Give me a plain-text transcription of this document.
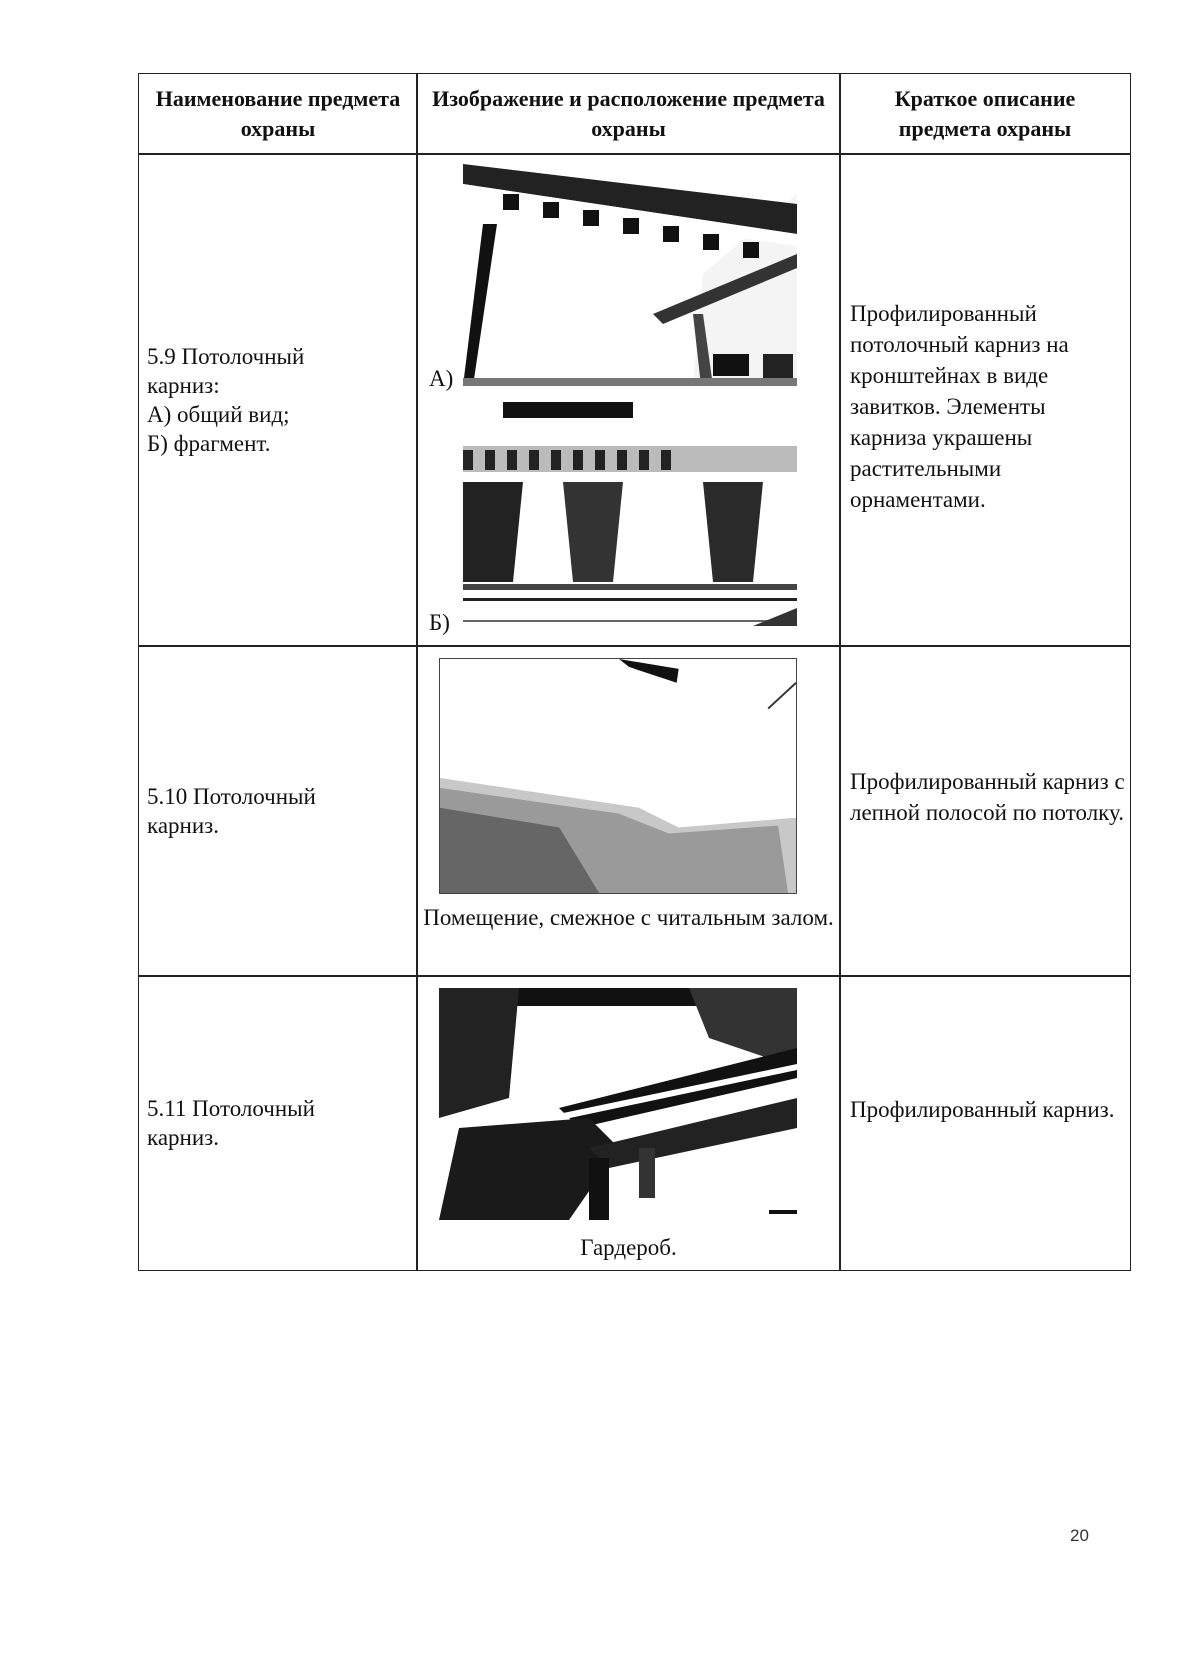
Наименование предмета охраны
Изображение и расположение предмета охраны
Краткое описание предмета охраны
5.9 Потолочный
карниз:
А) общий вид;
Б) фрагмент.
А)
Б)
Профилированный потолочный карниз на кронштейнах в виде завитков. Элементы карниза украшены растительными орнаментами.
5.10 Потолочный
карниз.
Помещение, смежное с читальным залом.
Профилированный карниз с лепной полосой по потолку.
5.11 Потолочный
карниз.
Гардероб.
Профилированный карниз.
20
